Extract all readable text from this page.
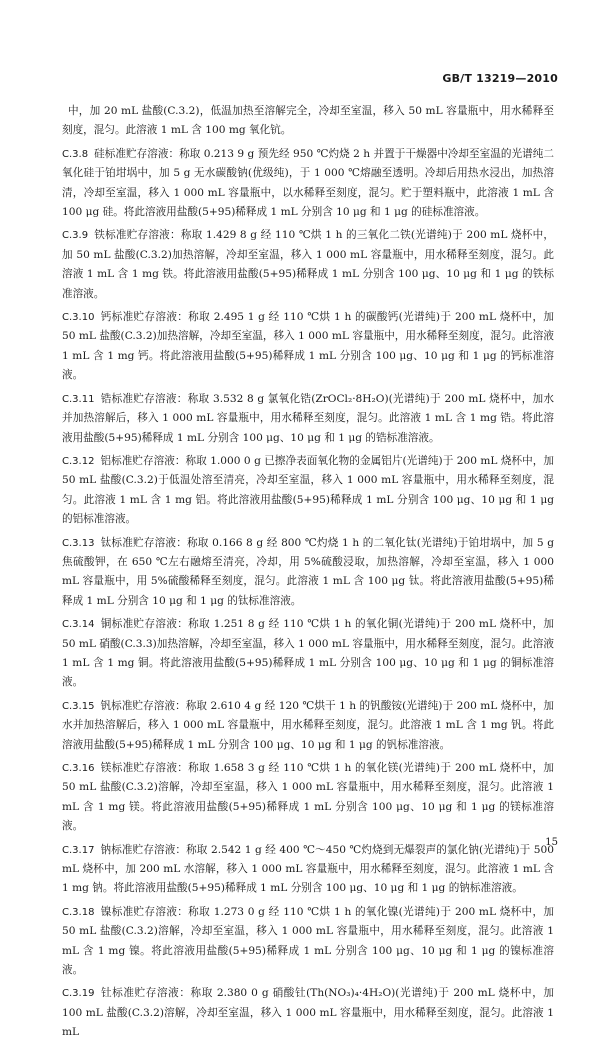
GB/T 13219—2010

中，加 20 mL 盐酸(C.3.2)，低温加热至溶解完全，冷却至室温，移入 50 mL 容量瓶中，用水稀释至刻度，混匀。此溶液 1 mL 含 100 mg 氧化钪。

C.3.8 硅标准贮存溶液：称取 0.213 9 g 预先经 950 ℃灼烧 2 h 并置于干燥器中冷却至室温的光谱纯二氧化硅于铂坩埚中，加 5 g 无水碳酸钠(优级纯)，于 1 000 ℃熔融至透明。冷却后用热水浸出，加热溶清，冷却至室温，移入 1 000 mL 容量瓶中，以水稀释至刻度，混匀。贮于塑料瓶中，此溶液 1 mL 含 100 μg 硅。将此溶液用盐酸(5+95)稀释成 1 mL 分别含 10 μg 和 1 μg 的硅标准溶液。

C.3.9 铁标准贮存溶液：称取 1.429 8 g 经 110 ℃烘 1 h 的三氧化二铁(光谱纯)于 200 mL 烧杯中，加 50 mL 盐酸(C.3.2)加热溶解，冷却至室温，移入 1 000 mL 容量瓶中，用水稀释至刻度，混匀。此溶液 1 mL 含 1 mg 铁。将此溶液用盐酸(5+95)稀释成 1 mL 分别含 100 μg、10 μg 和 1 μg 的铁标准溶液。

C.3.10 钙标准贮存溶液：称取 2.495 1 g 经 110 ℃烘 1 h 的碳酸钙(光谱纯)于 200 mL 烧杯中，加 50 mL 盐酸(C.3.2)加热溶解，冷却至室温，移入 1 000 mL 容量瓶中，用水稀释至刻度，混匀。此溶液 1 mL 含 1 mg 钙。将此溶液用盐酸(5+95)稀释成 1 mL 分别含 100 μg、10 μg 和 1 μg 的钙标准溶液。

C.3.11 锆标准贮存溶液：称取 3.532 8 g 氯氧化锆(ZrOCl₂·8H₂O)(光谱纯)于 200 mL 烧杯中，加水并加热溶解后，移入 1 000 mL 容量瓶中，用水稀释至刻度，混匀。此溶液 1 mL 含 1 mg 锆。将此溶液用盐酸(5+95)稀释成 1 mL 分别含 100 μg、10 μg 和 1 μg 的锆标准溶液。

C.3.12 铝标准贮存溶液：称取 1.000 0 g 已擦净表面氧化物的金属铝片(光谱纯)于 200 mL 烧杯中，加 50 mL 盐酸(C.3.2)于低温处溶至清亮，冷却至室温，移入 1 000 mL 容量瓶中，用水稀释至刻度，混匀。此溶液 1 mL 含 1 mg 铝。将此溶液用盐酸(5+95)稀释成 1 mL 分别含 100 μg、10 μg 和 1 μg 的铝标准溶液。

C.3.13 钛标准贮存溶液：称取 0.166 8 g 经 800 ℃灼烧 1 h 的二氧化钛(光谱纯)于铂坩埚中，加 5 g 焦硫酸钾，在 650 ℃左右融熔至清亮，冷却，用 5%硫酸浸取，加热溶解，冷却至室温，移入 1 000 mL 容量瓶中，用 5%硫酸稀释至刻度，混匀。此溶液 1 mL 含 100 μg 钛。将此溶液用盐酸(5+95)稀释成 1 mL 分别含 10 μg 和 1 μg 的钛标准溶液。

C.3.14 铜标准贮存溶液：称取 1.251 8 g 经 110 ℃烘 1 h 的氧化铜(光谱纯)于 200 mL 烧杯中，加 50 mL 硝酸(C.3.3)加热溶解，冷却至室温，移入 1 000 mL 容量瓶中，用水稀释至刻度，混匀。此溶液 1 mL 含 1 mg 铜。将此溶液用盐酸(5+95)稀释成 1 mL 分别含 100 μg、10 μg 和 1 μg 的铜标准溶液。

C.3.15 钒标准贮存溶液：称取 2.610 4 g 经 120 ℃烘干 1 h 的钒酸铵(光谱纯)于 200 mL 烧杯中，加水并加热溶解后，移入 1 000 mL 容量瓶中，用水稀释至刻度，混匀。此溶液 1 mL 含 1 mg 钒。将此溶液用盐酸(5+95)稀释成 1 mL 分别含 100 μg、10 μg 和 1 μg 的钒标准溶液。

C.3.16 镁标准贮存溶液：称取 1.658 3 g 经 110 ℃烘 1 h 的氧化镁(光谱纯)于 200 mL 烧杯中，加 50 mL 盐酸(C.3.2)溶解，冷却至室温，移入 1 000 mL 容量瓶中，用水稀释至刻度，混匀。此溶液 1 mL 含 1 mg 镁。将此溶液用盐酸(5+95)稀释成 1 mL 分别含 100 μg、10 μg 和 1 μg 的镁标准溶液。

C.3.17 钠标准贮存溶液：称取 2.542 1 g 经 400 ℃～450 ℃灼烧到无爆裂声的氯化钠(光谱纯)于 500 mL 烧杯中，加 200 mL 水溶解，移入 1 000 mL 容量瓶中，用水稀释至刻度，混匀。此溶液 1 mL 含 1 mg 钠。将此溶液用盐酸(5+95)稀释成 1 mL 分别含 100 μg、10 μg 和 1 μg 的钠标准溶液。

C.3.18 镍标准贮存溶液：称取 1.273 0 g 经 110 ℃烘 1 h 的氧化镍(光谱纯)于 200 mL 烧杯中，加 50 mL 盐酸(C.3.2)溶解，冷却至室温，移入 1 000 mL 容量瓶中，用水稀释至刻度，混匀。此溶液 1 mL 含 1 mg 镍。将此溶液用盐酸(5+95)稀释成 1 mL 分别含 100 μg、10 μg 和 1 μg 的镍标准溶液。

C.3.19 钍标准贮存溶液：称取 2.380 0 g 硝酸钍(Th(NO₃)₄·4H₂O)(光谱纯)于 200 mL 烧杯中，加 100 mL 盐酸(C.3.2)溶解，冷却至室温，移入 1 000 mL 容量瓶中，用水稀释至刻度，混匀。此溶液 1 mL

15
